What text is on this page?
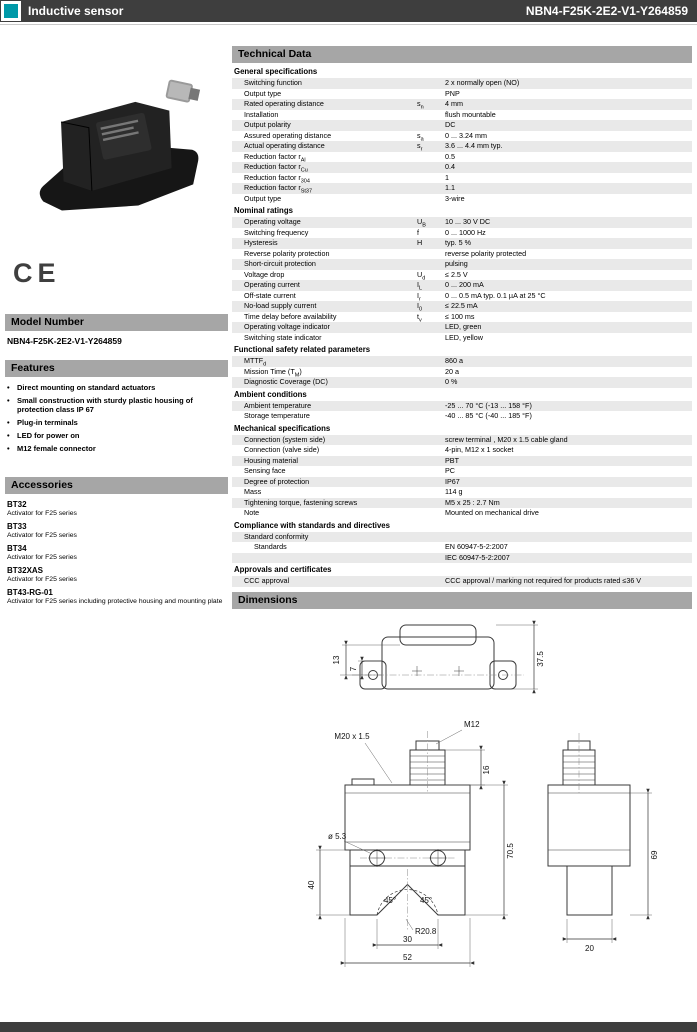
Inductive sensor	NBN4-F25K-2E2-V1-Y264859
CE
Model Number
NBN4-F25K-2E2-V1-Y264859
Features
• Direct mounting on standard actuators
• Small construction with sturdy plastic housing of protection class IP 67
• Plug-in terminals
• LED for power on
• M12 female connector
Accessories
BT32
Activator for F25 series
BT33
Activator for F25 series
BT34
Activator for F25 series
BT32XAS
Activator for F25 series
BT43-RG-01
Activator for F25 series including protective housing and mounting plate
Technical Data
General specifications
Switching function	2 x normally open (NO)
Output type	PNP
Rated operating distance	$s_n$	4 mm
Installation	flush mountable
Output polarity	DC
Assured operating distance	$s_a$	0 ... 3.24 mm
Actual operating distance	$s_r$	3.6 ... 4.4 mm typ.
Reduction factor $r_{Al}$	0.5
Reduction factor $r_{Cu}$	0.4
Reduction factor $r_{304}$	1
Reduction factor $r_{St37}$	1.1
Output type	3-wire
Nominal ratings
Operating voltage	$U_B$	10 ... 30 V DC
Switching frequency	f	0 ... 1000 Hz
Hysteresis	H	typ. 5 %
Reverse polarity protection	reverse polarity protected
Short-circuit protection	pulsing
Voltage drop	$U_d$	≤ 2.5 V
Operating current	$I_L$	0 ... 200 mA
Off-state current	$I_r$	0 ... 0.5 mA typ. 0.1 µA at 25 °C
No-load supply current	$I_0$	≤ 22.5 mA
Time delay before availability	$t_v$	≤ 100 ms
Operating voltage indicator	LED, green
Switching state indicator	LED, yellow
Functional safety related parameters
$MTTF_d$	860 a
Mission Time $(T_M)$	20 a
Diagnostic Coverage (DC)	0 %
Ambient conditions
Ambient temperature	-25 ... 70 °C (-13 ... 158 °F)
Storage temperature	-40 ... 85 °C (-40 ... 185 °F)
Mechanical specifications
Connection (system side)	screw terminal , M20 x 1.5 cable gland
Connection (valve side)	4-pin, M12 x 1 socket
Housing material	PBT
Sensing face	PC
Degree of protection	IP67
Mass	114 g
Tightening torque, fastening screws	M5 x 25 : 2.7 Nm
Note	Mounted on mechanical drive
Compliance with standards and directives
Standard conformity
Standards	EN 60947-5-2:2007
IEC 60947-5-2:2007
Approvals and certificates
CCC approval	CCC approval / marking not required for products rated ≤36 V
Dimensions
37.5
13
7
M12
M20 x 1.5
16
70.5
40
ø 5.3
45°	45°
R20.8
30
52
69
20
